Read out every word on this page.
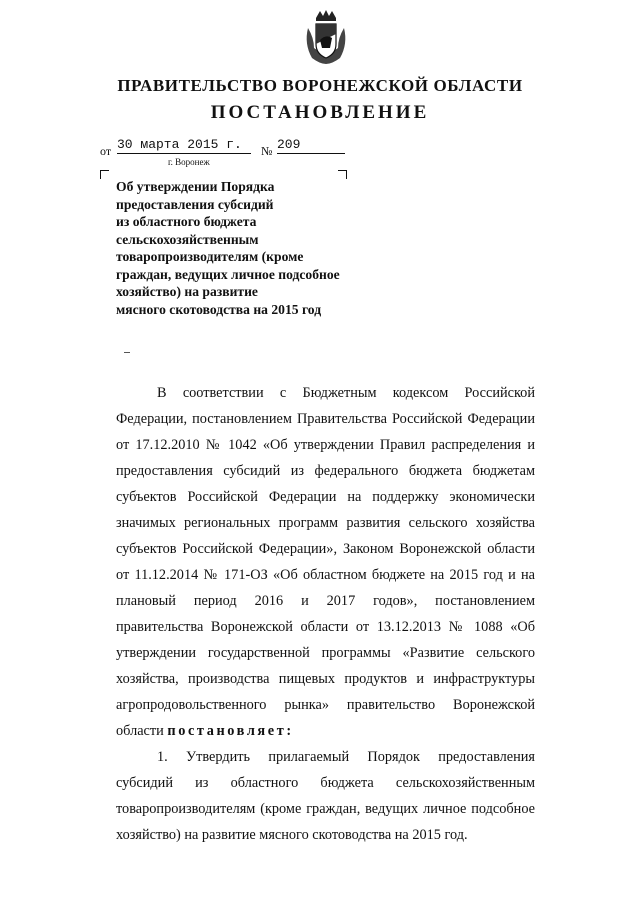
ПРАВИТЕЛЬСТВО ВОРОНЕЖСКОЙ ОБЛАСТИ
ПОСТАНОВЛЕНИЕ
от 30 марта 2015 г.	№ 209
г. Воронеж
Об утверждении Порядка
предоставления субсидий
из областного бюджета
сельскохозяйственным
товаропроизводителям (кроме
граждан, ведущих личное подсобное
хозяйство) на развитие
мясного скотоводства на 2015 год

В соответствии с Бюджетным кодексом Российской Федерации, постановлением Правительства Российской Федерации от 17.12.2010 № 1042 «Об утверждении Правил распределения и предоставления субсидий из федерального бюджета бюджетам субъектов Российской Федерации на поддержку экономически значимых региональных программ развития сельского хозяйства субъектов Российской Федерации», Законом Воронежской области от 11.12.2014 № 171-ОЗ «Об областном бюджете на 2015 год и на плановый период 2016 и 2017 годов», постановлением правительства Воронежской области от 13.12.2013 № 1088 «Об утверждении государственной программы «Развитие сельского хозяйства, производства пищевых продуктов и инфраструктуры агропродовольственного рынка» правительство Воронежской области постановляет:

1. Утвердить прилагаемый Порядок предоставления субсидий из областного бюджета сельскохозяйственным товаропроизводителям (кроме граждан, ведущих личное подсобное хозяйство) на развитие мясного скотоводства на 2015 год.
